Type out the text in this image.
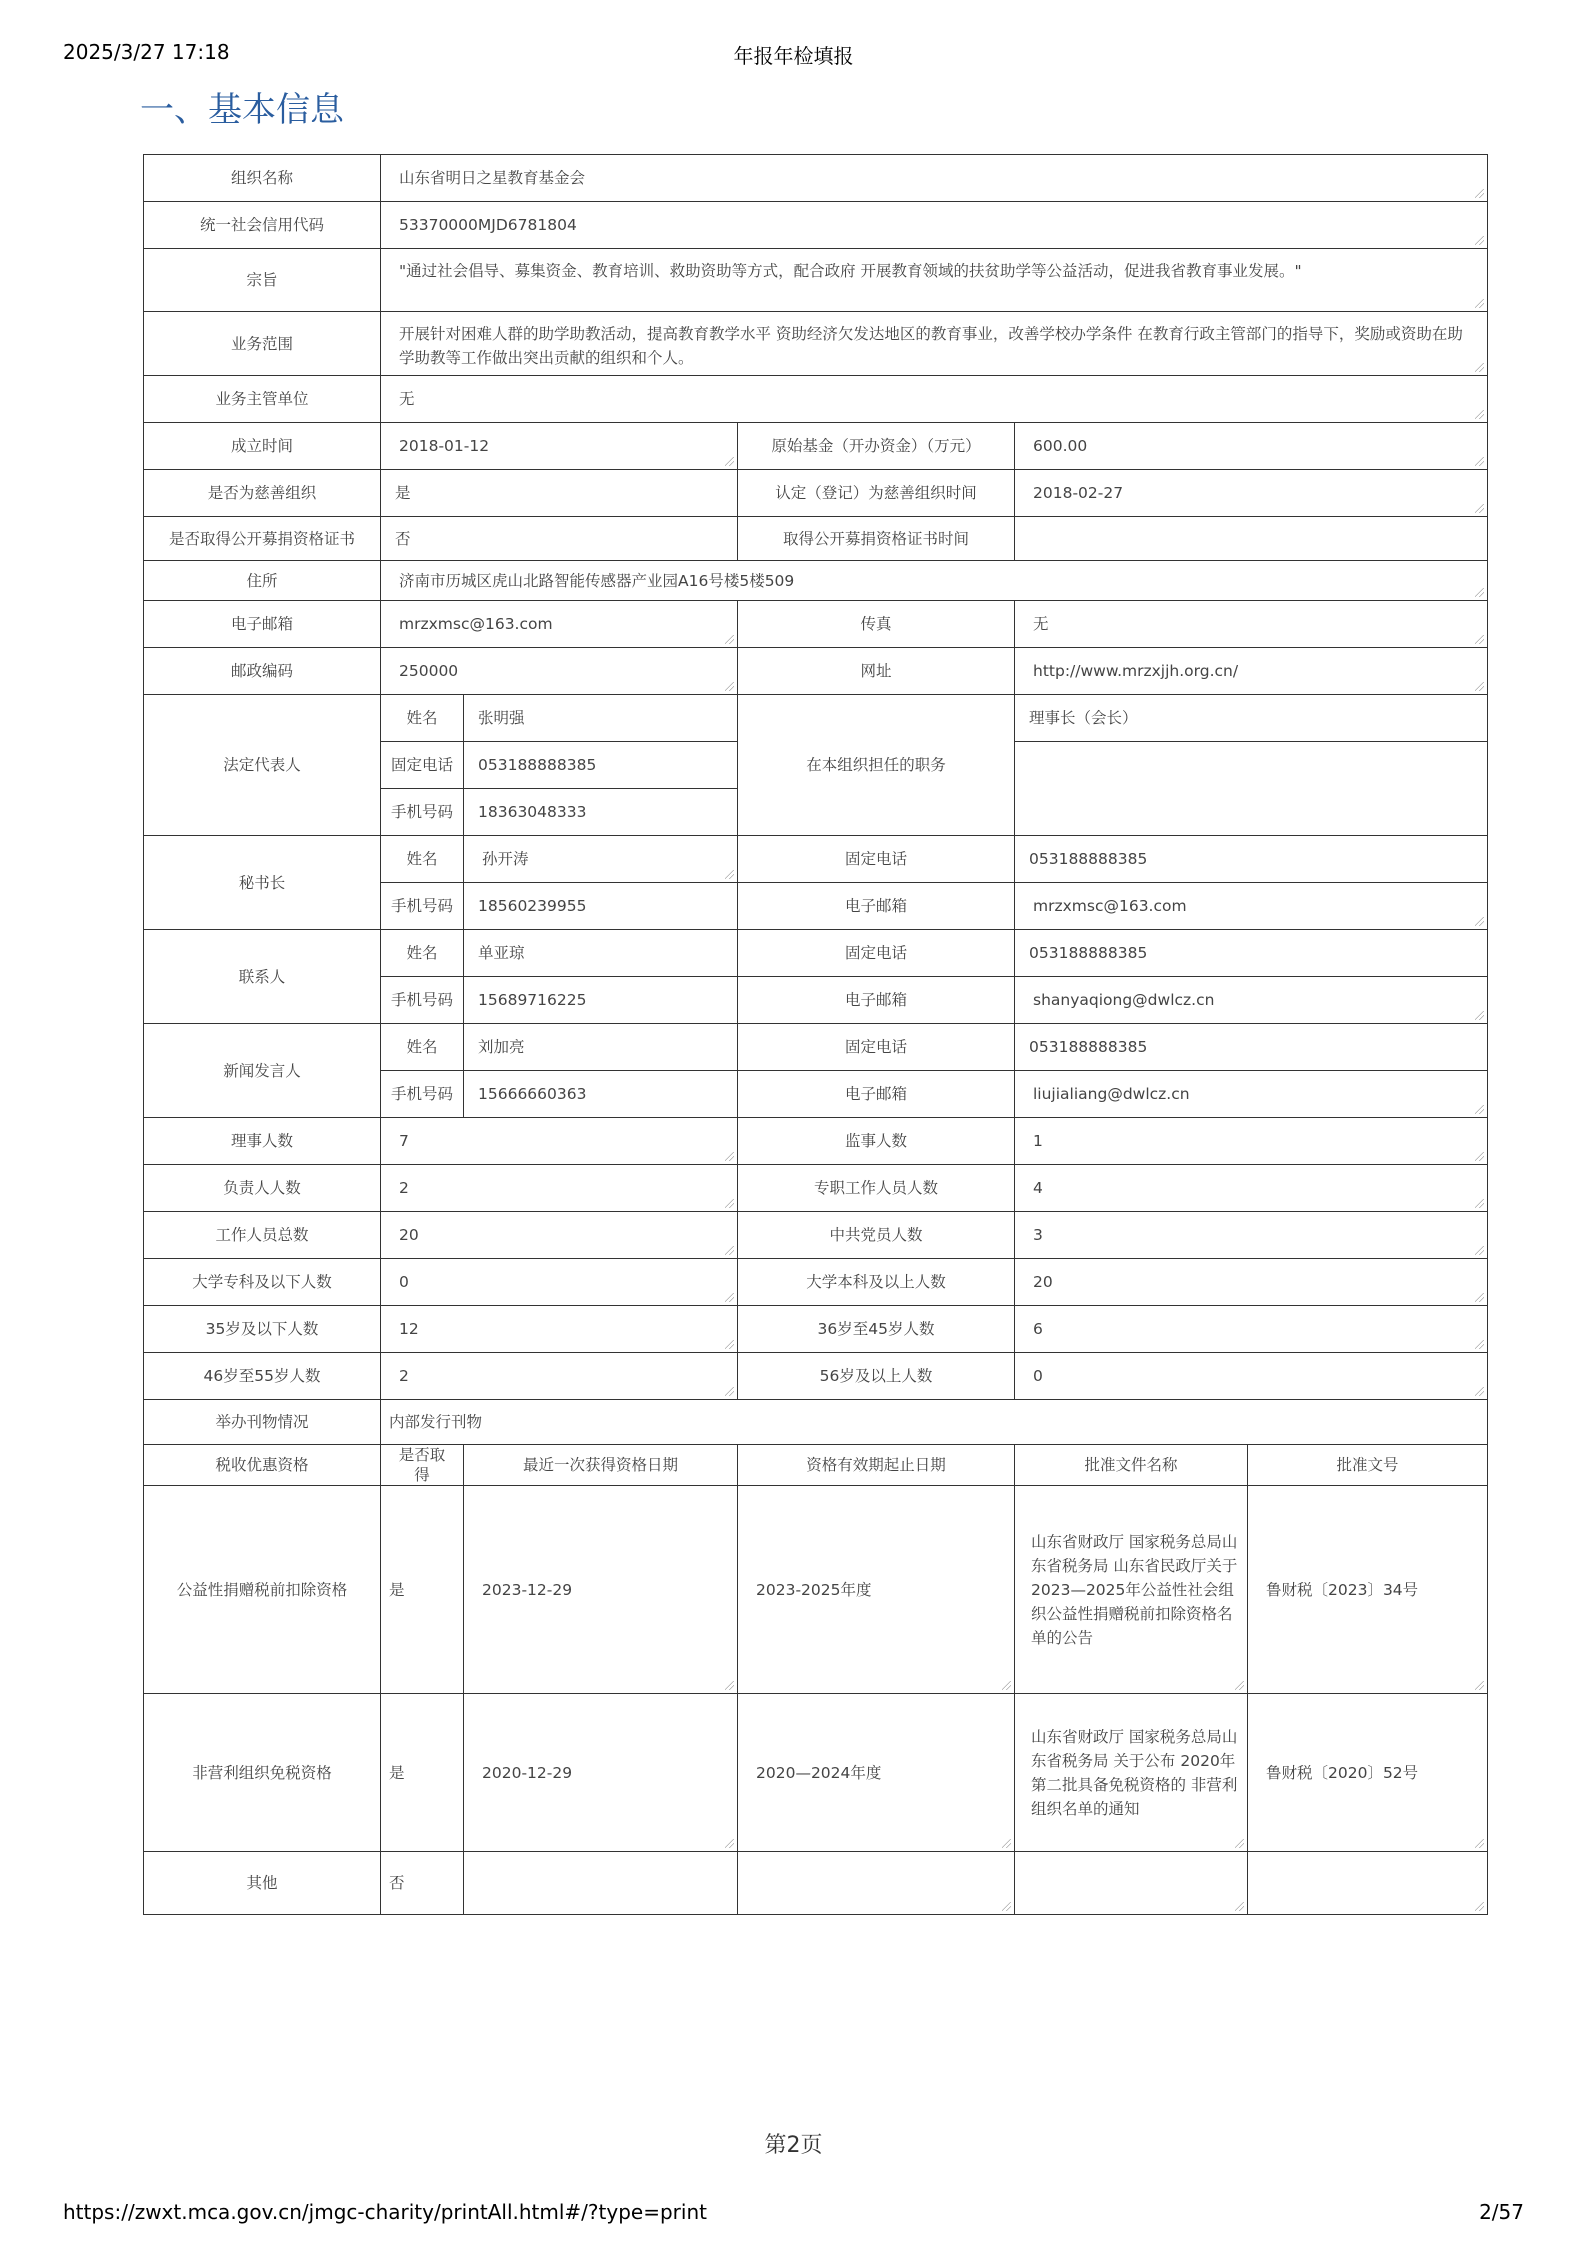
2025/3/27 17:18	年报年检填报
一、基本信息
组织名称	山东省明日之星教育基金会				
统一社会信用代码	53370000MJD6781804				
宗旨	"通过社会倡导、募集资金、教育培训、救助资助等方式，配合政府 开展教育领域的扶贫助学等公益活动，促进我省教育事业发展。"				
业务范围	开展针对困难人群的助学助教活动，提高教育教学水平 资助经济欠发达地区的教育事业，改善学校办学条件 在教育行政主管部门的指导下，奖励或资助在助学助教等工作做出突出贡献的组织和个人。				
业务主管单位	无				
成立时间	2018-01-12		原始基金（开办资金）（万元）	600.00	
是否为慈善组织	是		认定（登记）为慈善组织时间	2018-02-27	
是否取得公开募捐资格证书	否		取得公开募捐资格证书时间		
住所	济南市历城区虎山北路智能传感器产业园A16号楼5楼509				
电子邮箱	mrzxmsc@163.com		传真	无	
邮政编码	250000		网址	http://www.mrzxjjh.org.cn/	
法定代表人	姓名	张明强	在本组织担任的职务	理事长（会长）	
	固定电话	053188888385			
	手机号码	18363048333			
秘书长	姓名	孙开涛	固定电话	053188888385	
	手机号码	18560239955	电子邮箱	mrzxmsc@163.com	
联系人	姓名	单亚琼	固定电话	053188888385	
	手机号码	15689716225	电子邮箱	shanyaqiong@dwlcz.cn	
新闻发言人	姓名	刘加亮	固定电话	053188888385	
	手机号码	15666660363	电子邮箱	liujialiang@dwlcz.cn	
理事人数	7		监事人数	1	
负责人人数	2		专职工作人员人数	4	
工作人员总数	20		中共党员人数	3	
大学专科及以下人数	0		大学本科及以上人数	20	
35岁及以下人数	12		36岁至45岁人数	6	
46岁至55岁人数	2		56岁及以上人数	0	
举办刊物情况	内部发行刊物				
税收优惠资格	是否取得	最近一次获得资格日期	资格有效期起止日期	批准文件名称	批准文号
公益性捐赠税前扣除资格	是	2023-12-29	2023-2025年度	山东省财政厅 国家税务总局山东省税务局 山东省民政厅关于2023—2025年公益性社会组织公益性捐赠税前扣除资格名单的公告	鲁财税〔2023〕34号
非营利组织免税资格	是	2020-12-29	2020—2024年度	山东省财政厅 国家税务总局山东省税务局 关于公布 2020年第二批具备免税资格的 非营利组织名单的通知	鲁财税〔2020〕52号
其他	否				
第2页
https://zwxt.mca.gov.cn/jmgc-charity/printAll.html#/?type=print	2/57
